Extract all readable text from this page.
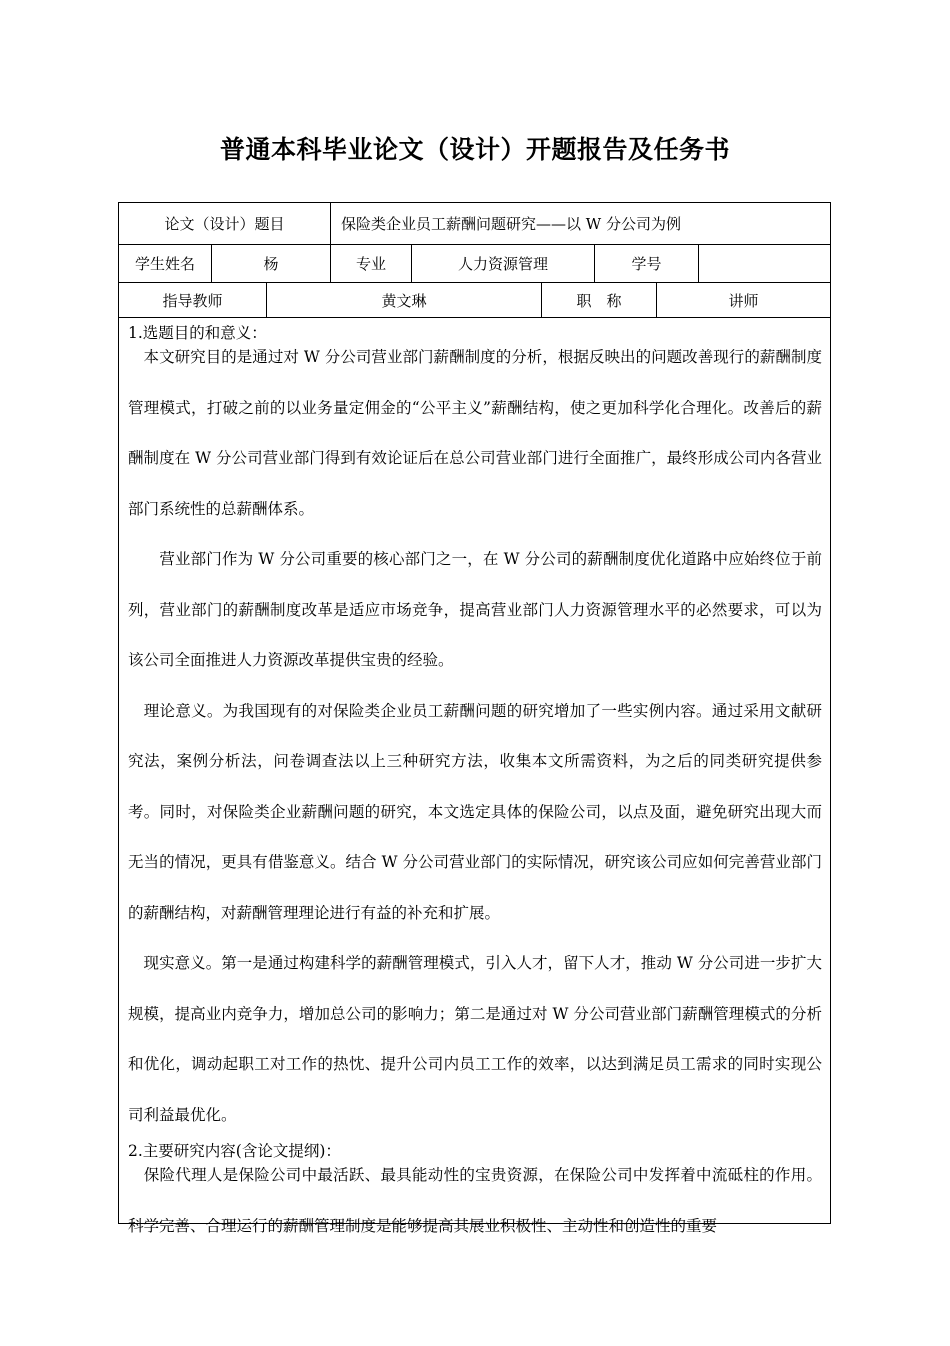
普通本科毕业论文（设计）开题报告及任务书
论文（设计）题目	保险类企业员工薪酬问题研究——以 W 分公司为例
学生姓名	杨	专业	人力资源管理	学号
指导教师	黄文琳	职　称	讲师

1.选题目的和意义：

　本文研究目的是通过对 W 分公司营业部门薪酬制度的分析，根据反映出的问题改善现行的薪酬制度管理模式，打破之前的以业务量定佣金的“公平主义”薪酬结构，使之更加科学化合理化。改善后的薪酬制度在 W 分公司营业部门得到有效论证后在总公司营业部门进行全面推广，最终形成公司内各营业部门系统性的总薪酬体系。

　　营业部门作为 W 分公司重要的核心部门之一，在 W 分公司的薪酬制度优化道路中应始终位于前列，营业部门的薪酬制度改革是适应市场竞争，提高营业部门人力资源管理水平的必然要求，可以为该公司全面推进人力资源改革提供宝贵的经验。

　理论意义。为我国现有的对保险类企业员工薪酬问题的研究增加了一些实例内容。通过采用文献研究法，案例分析法，问卷调查法以上三种研究方法，收集本文所需资料，为之后的同类研究提供参考。同时，对保险类企业薪酬问题的研究，本文选定具体的保险公司，以点及面，避免研究出现大而无当的情况，更具有借鉴意义。结合 W 分公司营业部门的实际情况，研究该公司应如何完善营业部门的薪酬结构，对薪酬管理理论进行有益的补充和扩展。

　现实意义。第一是通过构建科学的薪酬管理模式，引入人才，留下人才，推动 W 分公司进一步扩大规模，提高业内竞争力，增加总公司的影响力；第二是通过对 W 分公司营业部门薪酬管理模式的分析和优化，调动起职工对工作的热忱、提升公司内员工工作的效率，以达到满足员工需求的同时实现公司利益最优化。

2.主要研究内容(含论文提纲)：

　保险代理人是保险公司中最活跃、最具能动性的宝贵资源，在保险公司中发挥着中流砥柱的作用。科学完善、合理运行的薪酬管理制度是能够提高其展业积极性、主动性和创造性的重要
